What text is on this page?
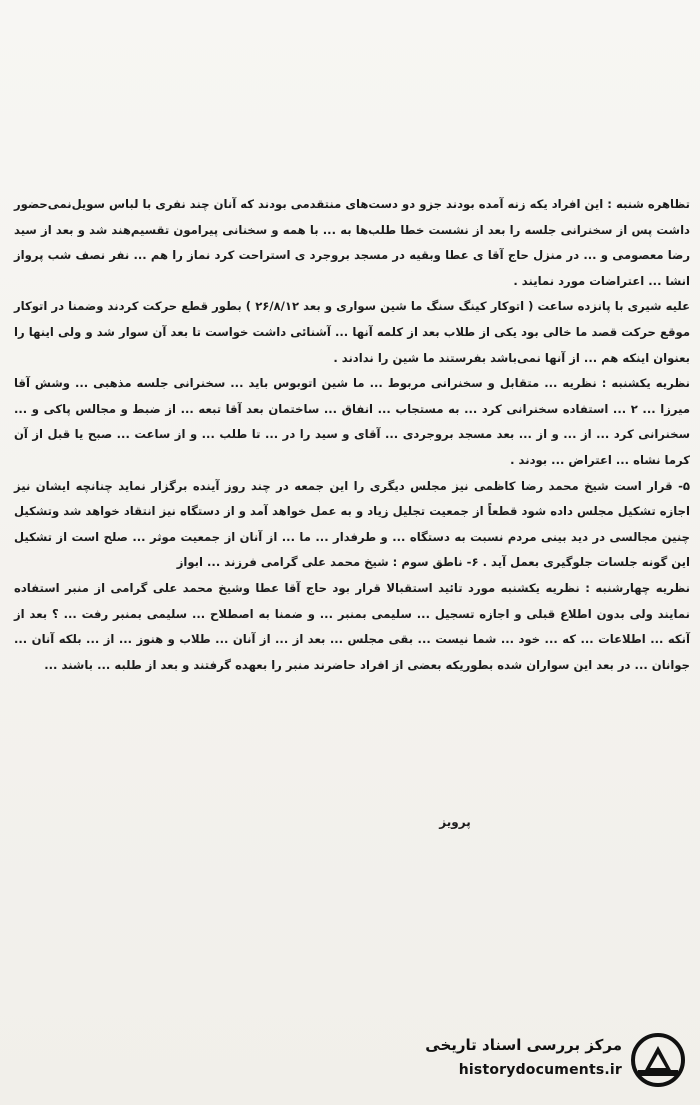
تظاهره شنبه : این افراد یکه زنه آمده بودند جزو دو دست‌های منتقدمی بودند که آنان چند نفری با لباس سویل‌نمی‌حضور داشت پس از سخنرانی جلسه را بعد از نشست خطا طلب‌ها به ... با همه و سخنانی پیرامون تقسیم‌هند شد و بعد از سید رضا معصومی و ... در منزل حاج آقا ی عطا وبقیه در مسجد بروجرد ی استراحت کرد نماز را هم ... نفر نصف شب پرواز انشا ... اعتراضات مورد نمایند .

علیه شیری با پانزده ساعت ( اتوکار کینگ سنگ ما شین سواری و بعد ۲۶/۸/۱۲ ) بطور قطع حرکت کردند وضمنا در اتوکار موقع حرکت قصد ما خالی بود یکی از طلاب بعد از کلمه آنها ... آشنائی داشت خواست تا بعد آن سوار شد و ولی اینها را بعنوان اینکه هم ... از آنها نمی‌باشد بفرستند ما شین را ندادند .

نظریه یکشنبه : نظریه ... متقابل و سخنرانی مربوط ... ما شین اتوبوس باید ... سخنرانی جلسه مذهبی ... وشش آقا میرزا ... ۲ ... استفاده سخنرانی کرد ... به مستجاب ... انفاق ... ساختمان بعد آقا تبعه ... از ضبط و مجالس پاکی و ... سخنرانی کرد ... از ... و از ... بعد مسجد بروجردی ... آقای و سید را در ... تا طلب ... و از ساعت ... صبح یا قبل از آن کرما نشاه ... اعتراض ... بودند .

۵- قرار است شیخ محمد رضا کاظمی نیز مجلس دیگری را این جمعه در چند روز آینده برگزار نماید چنانچه ایشان نیز اجازه تشکیل مجلس داده شود قطعاً از جمعیت تجلیل زیاد و به عمل خواهد آمد و از دستگاه نیز انتقاد خواهد شد وتشکیل چنین مجالسی در دید بینی مردم نسبت به دستگاه ... و طرفدار ... ما ... از آنان از جمعیت موثر ... صلح است از تشکیل این گونه جلسات جلوگیری بعمل آید . ۶- ناطق سوم : شیخ محمد علی گرامی فرزند ... ابواز

نظریه چهارشنبه : نظریه یکشنبه مورد تائید استقبالا قرار بود حاج آقا عطا وشیخ محمد علی گرامی از منبر استفاده نمایند ولی بدون اطلاع قبلی و اجازه تسجیل ... سلیمی بمنبر ... و ضمنا به اصطلاح ... سلیمی بمنبر رفت ... ؟ بعد از آنکه ... اطلاعات ... که ... خود ... شما نیست ... بقی مجلس ... بعد از ... از آنان ... طلاب و هنوز ... از ... بلکه آنان ... جوانان ... در بعد این سواران شده بطوریکه بعضی از افراد حاضرند منبر را بعهده گرفتند و بعد از طلبه ... باشند ...

پرویز
مرکز بررسی اسناد تاریخی
historydocuments.ir
